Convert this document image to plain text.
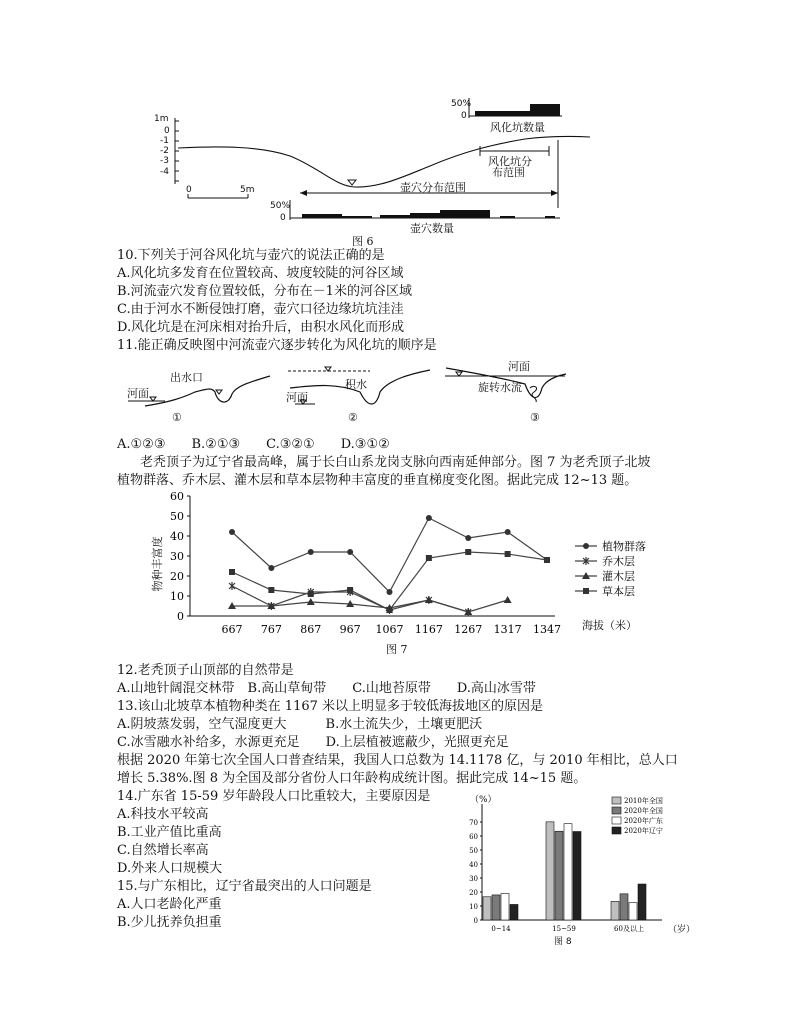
1m
0
-1
-2
-3
-4
0	5m
50%
0
风化坑数量
风化坑分
布范围
壶穴分布范围
50%
0
壶穴数量
图 6
10.下列关于河谷风化坑与壶穴的说法正确的是
A.风化坑多发育在位置较高、坡度较陡的河谷区域
B.河流壶穴发育位置较低，分布在－1米的河谷区域
C.由于河水不断侵蚀打磨，壶穴口径边缘坑坑洼洼
D.风化坑是在河床相对抬升后，由积水风化而形成
11.能正确反映图中河流壶穴逐步转化为风化坑的顺序是
河面
出水口
①
河面
积水
②
河面
旋转水流
③
A.①②③　　B.②①③　　C.③②①　　D.③①②
老秃顶子为辽宁省最高峰，属于长白山系龙岗支脉向西南延伸部分。图 7 为老秃顶子北坡
植物群落、乔木层、灌木层和草本层物种丰富度的垂直梯度变化图。据此完成 12~13 题。
图 7
海拔（米）
物种丰富度
60
50
40
30
20
10
0
667 767 867 967 1067 1167 1267 1317 1347
植物群落
乔木层
灌木层
草本层
12.老秃顶子山顶部的自然带是
A.山地针阔混交林带　B.高山草甸带　　C.山地苔原带　　D.高山冰雪带
13.该山北坡草本植物种类在 1167 米以上明显多于较低海拔地区的原因是
A.阴坡蒸发弱，空气湿度更大　　　B.水土流失少，土壤更肥沃
C.冰雪融水补给多，水源更充足　　D.上层植被遮蔽少，光照更充足
根据 2020 年第七次全国人口普查结果，我国人口总数为 14.1178 亿，与 2010 年相比，总人口
增长 5.38%.图 8 为全国及部分省份人口年龄构成统计图。据此完成 14~15 题。
14.广东省 15-59 岁年龄段人口比重较大，主要原因是
A.科技水平较高
B.工业产值比重高
C.自然增长率高
D.外来人口规模大
15.与广东相比，辽宁省最突出的人口问题是
A.人口老龄化严重
B.少儿抚养负担重
（%）
（岁）
图 8
70
60
50
40
30
20
10
0
0~14	15~59	60及以上
2010年全国
2020年全国
2020年广东
2020年辽宁
